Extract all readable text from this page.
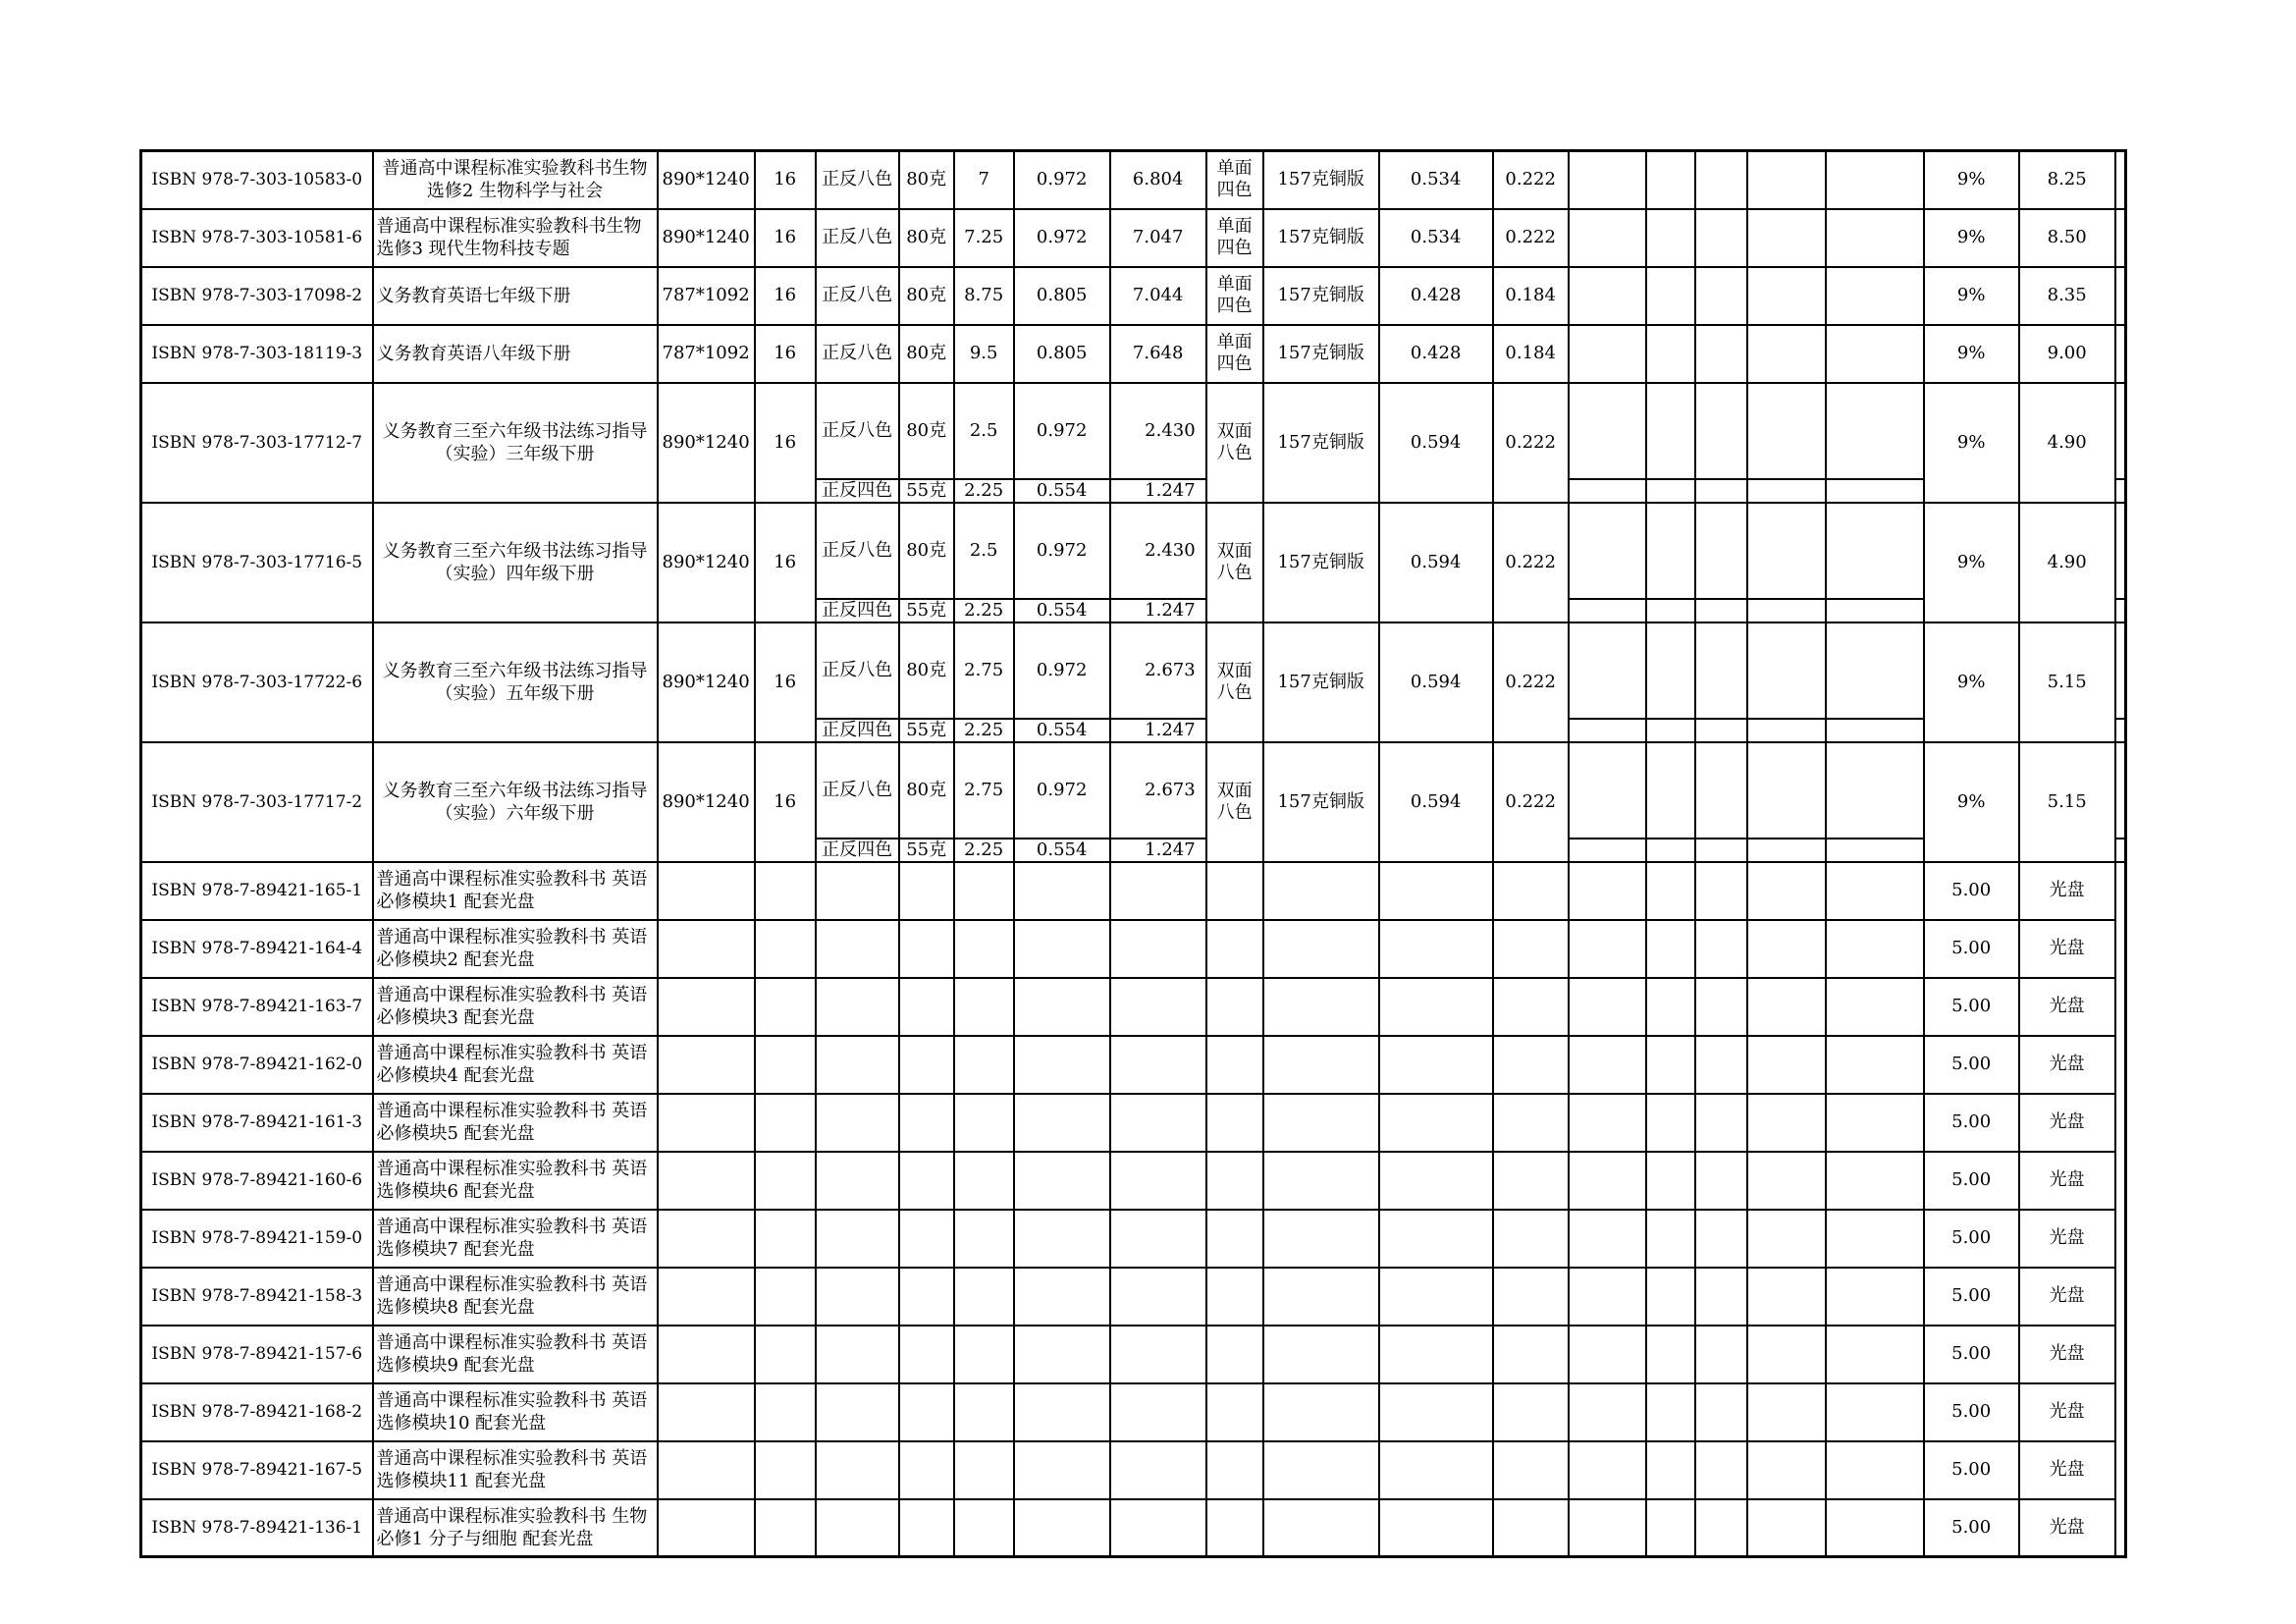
ISBN 978-7-303-10583-0	普通高中课程标准实验教科书生物选修2 生物科学与社会	890*1240	16	正反八色	80克	7	0.972	6.804	单面四色	157克铜版	0.534	0.222						9%	8.25	
ISBN 978-7-303-10581-6	普通高中课程标准实验教科书生物选修3 现代生物科技专题	890*1240	16	正反八色	80克	7.25	0.972	7.047	单面四色	157克铜版	0.534	0.222						9%	8.50	
ISBN 978-7-303-17098-2	义务教育英语七年级下册	787*1092	16	正反八色	80克	8.75	0.805	7.044	单面四色	157克铜版	0.428	0.184						9%	8.35	
ISBN 978-7-303-18119-3	义务教育英语八年级下册	787*1092	16	正反八色	80克	9.5	0.805	7.648	单面四色	157克铜版	0.428	0.184						9%	9.00	
ISBN 978-7-303-17712-7	义务教育三至六年级书法练习指导（实验）三年级下册	890*1240	16	正反八色	80克	2.5	0.972	2.430	双面八色	157克铜版	0.594	0.222						9%	4.90	
				正反四色	55克	2.25	0.554	1.247												
ISBN 978-7-303-17716-5	义务教育三至六年级书法练习指导（实验）四年级下册	890*1240	16	正反八色	80克	2.5	0.972	2.430	双面八色	157克铜版	0.594	0.222						9%	4.90	
				正反四色	55克	2.25	0.554	1.247												
ISBN 978-7-303-17722-6	义务教育三至六年级书法练习指导（实验）五年级下册	890*1240	16	正反八色	80克	2.75	0.972	2.673	双面八色	157克铜版	0.594	0.222						9%	5.15	
				正反四色	55克	2.25	0.554	1.247												
ISBN 978-7-303-17717-2	义务教育三至六年级书法练习指导（实验）六年级下册	890*1240	16	正反八色	80克	2.75	0.972	2.673	双面八色	157克铜版	0.594	0.222						9%	5.15	
				正反四色	55克	2.25	0.554	1.247												
ISBN 978-7-89421-165-1	普通高中课程标准实验教科书 英语必修模块1 配套光盘																	5.00	光盘	
ISBN 978-7-89421-164-4	普通高中课程标准实验教科书 英语必修模块2 配套光盘																	5.00	光盘	
ISBN 978-7-89421-163-7	普通高中课程标准实验教科书 英语必修模块3 配套光盘																	5.00	光盘	
ISBN 978-7-89421-162-0	普通高中课程标准实验教科书 英语必修模块4 配套光盘																	5.00	光盘	
ISBN 978-7-89421-161-3	普通高中课程标准实验教科书 英语必修模块5 配套光盘																	5.00	光盘	
ISBN 978-7-89421-160-6	普通高中课程标准实验教科书 英语选修模块6 配套光盘																	5.00	光盘	
ISBN 978-7-89421-159-0	普通高中课程标准实验教科书 英语选修模块7 配套光盘																	5.00	光盘	
ISBN 978-7-89421-158-3	普通高中课程标准实验教科书 英语选修模块8 配套光盘																	5.00	光盘	
ISBN 978-7-89421-157-6	普通高中课程标准实验教科书 英语选修模块9 配套光盘																	5.00	光盘	
ISBN 978-7-89421-168-2	普通高中课程标准实验教科书 英语选修模块10 配套光盘																	5.00	光盘	
ISBN 978-7-89421-167-5	普通高中课程标准实验教科书 英语选修模块11 配套光盘																	5.00	光盘	
ISBN 978-7-89421-136-1	普通高中课程标准实验教科书 生物必修1 分子与细胞 配套光盘																	5.00	光盘	
